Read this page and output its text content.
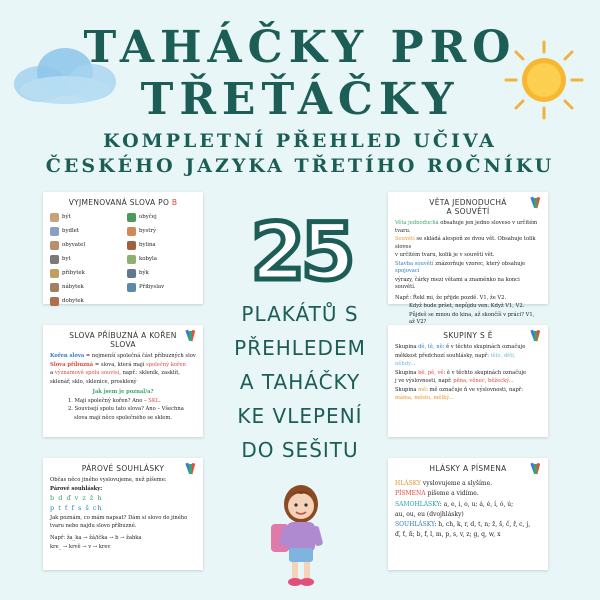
TAHÁČKY PRO
TŘEŤÁČKY
KOMPLETNÍ PŘEHLED UČIVA
ČESKÉHO JAZYKA TŘETÍHO ROČNÍKU
VYJMENOVANÁ SLOVA PO B
být	obyčej
bydlet	bystrý
obyvatel	bylina
byt	kobyla
příbytek	býk
nábytek	Přibyslav
dobytek
VĚTA JEDNODUCHÁ
A SOUVĚTÍ

Věta jednoduchá obsahuje jen jedno sloveso v určitém tvaru.

Souvětí se skládá alespoň ze dvou vět. Obsahuje tolik sloves

v určitém tvaru, kolik je v souvětí vět.

Stavba souvětí znázorňuje vzorec, který obsahuje spojovací

výrazy, čárky mezi větami a znaménko na konci souvětí.

Např.: Řekl mi, že přijde pozdě. V1, že V2.

Když bude pršet, nepůjdu ven. Když V1, V2.

Půjdeš se mnou do kina, až skončíš v práci? V1, až V2?

SLOVA PŘÍBUZNÁ A KOŘEN
SLOVA

Kořen slova = nejmenší společná část příbuzných slov

Slova příbuzná = slova, která mají společný kořen

a významově spolu souvisí, např.: skleník, zasklít,

sklenář, sklo, sklenice, prosklený

Jak jsem je poznal/a?

1. Mají společný kořen? Ano – SKL.

2. Souvisejí spolu tato slova? Ano – Všechna

slova mají něco společného se sklem.

SKUPINY S Ě

Skupina dě, tě, ně: ě v těchto skupinách označuje

měkkost předchozí souhlásky, např: tělo, děti,

něhdy...

Skupina bě, pě, vě: ě v těchto skupinách označuje

j ve výslovnosti, např. pěna, věnec, běžecký...

Skupina mě: mě označuje ň ve výslovnosti, např:

máma, město, mělký...

PÁROVÉ SOUHLÁSKY

Občas něco jiného vyslovujeme, než píšeme:

Párové souhlásky:

b d ď v z ž h

p t ť f s š ch

Jak poznám, co mám napsat? Dám si slovo do jiného

tvaru nebo najdu slovo příbuzné.

Např: ža_ka → žá/ička → b → žabka

kre_ → krvě → v → krev

HLÁSKY A PÍSMENA

HLÁSKY vyslovujeme a slyšíme.

PÍSMENA píšeme a vidíme.

SAMOHLÁSKY: a, e, i, o, u; á, é, í, ó, ú;

au, ou, eu (dvojhlásky)

SOUHLÁSKY: h, ch, k, r, d, t, n; ž, š, č, ř, c, j,

ď, ť, ň; b, f, l, m, p, s, v, z; g, q, w, x

25
PLAKÁTŮ S
PŘEHLEDEM
A TAHÁČKY
KE VLEPENÍ
DO SEŠITU
